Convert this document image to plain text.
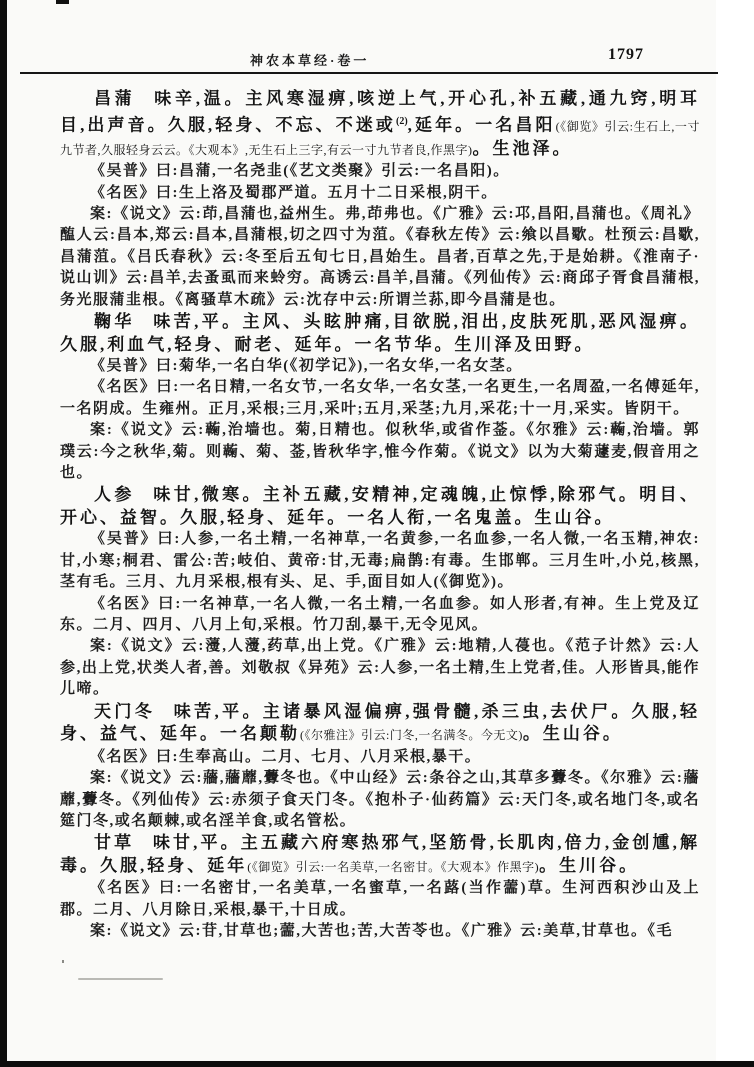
神农本草经·卷一	1797

昌蒲 味辛,温。主风寒湿痹,咳逆上气,开心孔,补五藏,通九窍,明耳目,出声音。久服,轻身、不忘、不迷或$^{(2)}$,延年。一名昌阳(《御览》引云:生石上,一寸九节者,久服轻身云云。《大观本》,无生石上三字,有云一寸九节者良,作黑字)。生池泽。

《吴普》曰:昌蒲,一名尧韭(《艺文类聚》引云:一名昌阳)。

《名医》曰:生上洛及蜀郡严道。五月十二日采根,阴干。

案:《说文》云:茚,昌蒲也,益州生。弗,茚弗也。《广雅》云:邛,昌阳,昌蒲也。《周礼》醢人云:昌本,郑云:昌本,昌蒲根,切之四寸为菹。《春秋左传》云:飨以昌歜。杜预云:昌歜,昌蒲菹。《吕氏春秋》云:冬至后五旬七日,昌始生。昌者,百草之先,于是始耕。《淮南子·说山训》云:昌羊,去蚤虱而来蛉穷。高诱云:昌羊,昌蒲。《列仙传》云:商邱子胥食昌蒲根,务光服蒲韭根。《离骚草木疏》云:沈存中云:所谓兰荪,即今昌蒲是也。

鞠华 味苦,平。主风、头眩肿痛,目欲脱,泪出,皮肤死肌,恶风湿痹。久服,利血气,轻身、耐老、延年。一名节华。生川泽及田野。

《吴普》曰:菊华,一名白华(《初学记》),一名女华,一名女茎。

《名医》曰:一名日精,一名女节,一名女华,一名女茎,一名更生,一名周盈,一名傅延年,一名阴成。生雍州。正月,采根;三月,采叶;五月,采茎;九月,采花;十一月,采实。皆阴干。

案:《说文》云:蘜,治墙也。菊,日精也。似秋华,或省作菳。《尔雅》云:蘜,治墙。郭璞云:今之秋华,菊。则蘜、菊、菳,皆秋华字,惟今作菊。《说文》以为大菊蘧麦,假音用之也。

人参 味甘,微寒。主补五藏,安精神,定魂魄,止惊悸,除邪气。明目、开心、益智。久服,轻身、延年。一名人衔,一名鬼盖。生山谷。

《吴普》曰:人参,一名土精,一名神草,一名黄参,一名血参,一名人微,一名玉精,神农:甘,小寒;桐君、雷公:苦;岐伯、黄帝:甘,无毒;扁鹊:有毒。生邯郸。三月生叶,小兑,核黑,茎有毛。三月、九月采根,根有头、足、手,面目如人(《御览》)。

《名医》曰:一名神草,一名人微,一名土精,一名血参。如人形者,有神。生上党及辽东。二月、四月、八月上旬,采根。竹刀刮,暴干,无令见风。

案:《说文》云:薓,人薓,药草,出上党。《广雅》云:地精,人葠也。《范子计然》云:人参,出上党,状类人者,善。刘敬叔《异苑》云:人参,一名土精,生上党者,佳。人形皆具,能作儿啼。

天门冬 味苦,平。主诸暴风湿偏痹,强骨髓,杀三虫,去伏尸。久服,轻身、益气、延年。一名颠勒(《尔雅注》引云:门冬,一名满冬。今无文)。生山谷。

《名医》曰:生奉高山。二月、七月、八月采根,暴干。

案:《说文》云:蘠,蘠蘼,虋冬也。《中山经》云:条谷之山,其草多虋冬。《尔雅》云:蘠蘼,虋冬。《列仙传》云:赤须子食天门冬。《抱朴子·仙药篇》云:天门冬,或名地门冬,或名筵门冬,或名颠棘,或名淫羊食,或名管松。

甘草 味甘,平。主五藏六府寒热邪气,坚筋骨,长肌肉,倍力,金创尰,解毒。久服,轻身、延年(《御览》引云:一名美草,一名密甘。《大观本》作黑字)。生川谷。

《名医》曰:一名密甘,一名美草,一名蜜草,一名蕗(当作蘦)草。生河西积沙山及上郡。二月、八月除日,采根,暴干,十日成。

案:《说文》云:苷,甘草也;蘦,大苦也;苦,大苦苓也。《广雅》云:美草,甘草也。《毛
